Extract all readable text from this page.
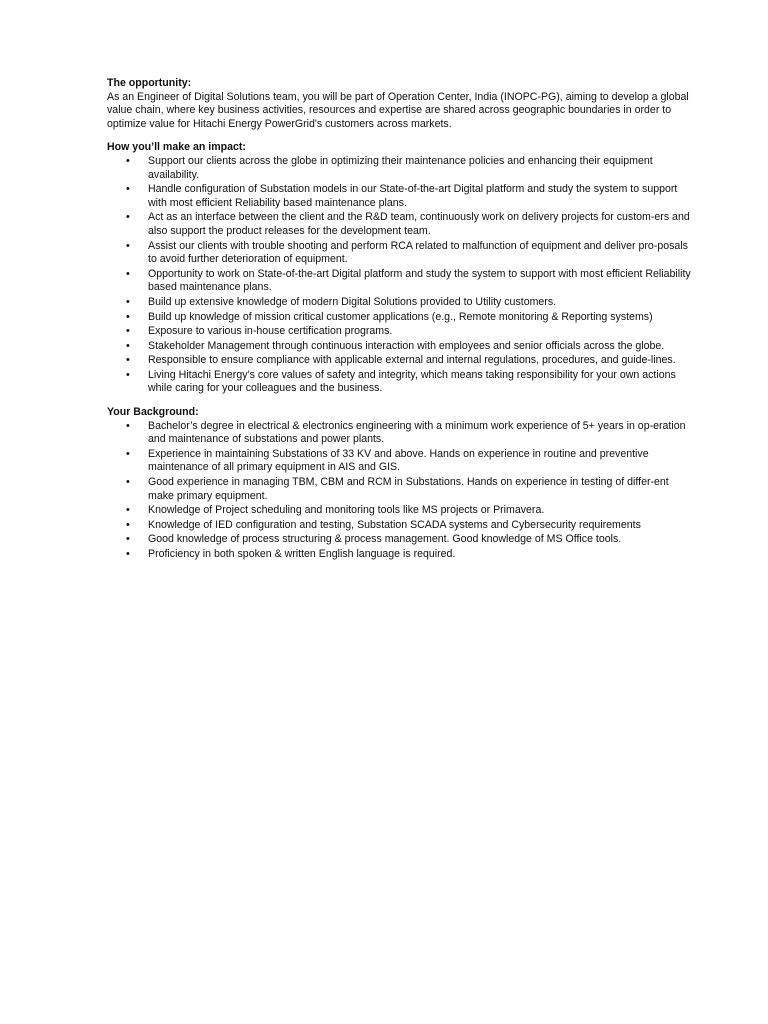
The opportunity:
As an Engineer of Digital Solutions team, you will be part of Operation Center, India (INOPC-PG), aiming to develop a global value chain, where key business activities, resources and expertise are shared across geographic boundaries in order to optimize value for Hitachi Energy PowerGrid's customers across markets.
How you’ll make an impact:
• Support our clients across the globe in optimizing their maintenance policies and enhancing their equipment availability.
• Handle configuration of Substation models in our State-of-the-art Digital platform and study the system to support with most efficient Reliability based maintenance plans.
• Act as an interface between the client and the R&D team, continuously work on delivery projects for custom-ers and also support the product releases for the development team.
• Assist our clients with trouble shooting and perform RCA related to malfunction of equipment and deliver pro-posals to avoid further deterioration of equipment.
• Opportunity to work on State-of-the-art Digital platform and study the system to support with most efficient Reliability based maintenance plans.
• Build up extensive knowledge of modern Digital Solutions provided to Utility customers.
• Build up knowledge of mission critical customer applications (e.g., Remote monitoring & Reporting systems)
• Exposure to various in-house certification programs.
• Stakeholder Management through continuous interaction with employees and senior officials across the globe.
• Responsible to ensure compliance with applicable external and internal regulations, procedures, and guide-lines.
• Living Hitachi Energy’s core values of safety and integrity, which means taking responsibility for your own actions while caring for your colleagues and the business.
Your Background:
• Bachelor’s degree in electrical & electronics engineering with a minimum work experience of 5+ years in op-eration and maintenance of substations and power plants.
• Experience in maintaining Substations of 33 KV and above. Hands on experience in routine and preventive maintenance of all primary equipment in AIS and GIS.
• Good experience in managing TBM, CBM and RCM in Substations. Hands on experience in testing of differ-ent make primary equipment.
• Knowledge of Project scheduling and monitoring tools like MS projects or Primavera.
• Knowledge of IED configuration and testing, Substation SCADA systems and Cybersecurity requirements
• Good knowledge of process structuring & process management. Good knowledge of MS Office tools.
• Proficiency in both spoken & written English language is required.
